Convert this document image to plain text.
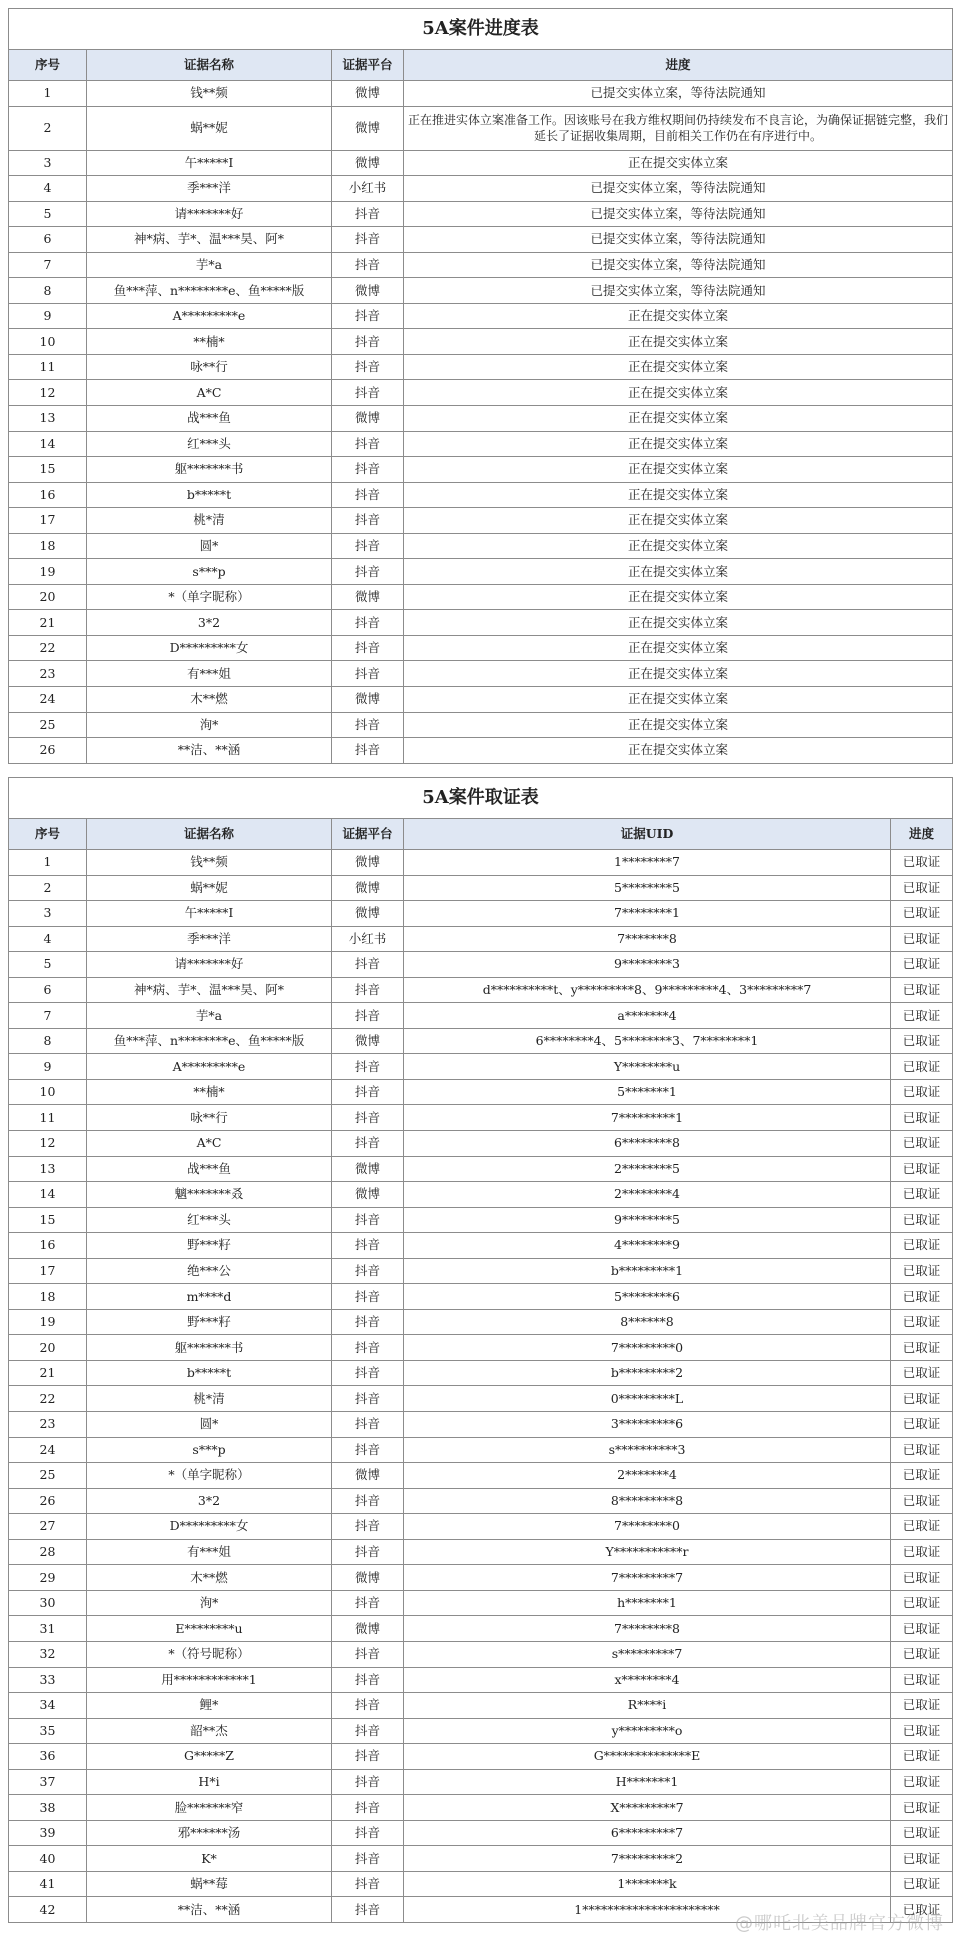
5A案件进度表			
序号	证据名称	证据平台	进度
1	钱**频	微博	已提交实体立案，等待法院通知
2	蜗**妮	微博	正在推进实体立案准备工作。因该账号在我方维权期间仍持续发布不良言论，为确保证据链完整，我们延长了证据收集周期，目前相关工作仍在有序进行中。
3	午*****I	微博	正在提交实体立案
4	季***洋	小红书	已提交实体立案，等待法院通知
5	请*******好	抖音	已提交实体立案，等待法院通知
6	神*病、芋*、温***昊、阿*	抖音	已提交实体立案，等待法院通知
7	芋*a	抖音	已提交实体立案，等待法院通知
8	鱼***萍、n********e、鱼*****版	微博	已提交实体立案，等待法院通知
9	A*********e	抖音	正在提交实体立案
10	**楠*	抖音	正在提交实体立案
11	咏**行	抖音	正在提交实体立案
12	A*C	抖音	正在提交实体立案
13	战***鱼	微博	正在提交实体立案
14	红***头	抖音	正在提交实体立案
15	躯*******书	抖音	正在提交实体立案
16	b*****t	抖音	正在提交实体立案
17	桃*清	抖音	正在提交实体立案
18	圆*	抖音	正在提交实体立案
19	s***p	抖音	正在提交实体立案
20	*（单字昵称）	微博	正在提交实体立案
21	3*2	抖音	正在提交实体立案
22	D*********女	抖音	正在提交实体立案
23	有***姐	抖音	正在提交实体立案
24	木**燃	微博	正在提交实体立案
25	洵*	抖音	正在提交实体立案
26	**洁、**涵	抖音	正在提交实体立案
5A案件取证表				
序号	证据名称	证据平台	证据UID	进度
1	钱**频	微博	1********7	已取证
2	蜗**妮	微博	5********5	已取证
3	午*****I	微博	7********1	已取证
4	季***洋	小红书	7*******8	已取证
5	请*******好	抖音	9********3	已取证
6	神*病、芋*、温***昊、阿*	抖音	d**********t、y*********8、9*********4、3*********7	已取证
7	芋*a	抖音	a*******4	已取证
8	鱼***萍、n********e、鱼*****版	微博	6********4、5********3、7********1	已取证
9	A*********e	抖音	Y********u	已取证
10	**楠*	抖音	5*******1	已取证
11	咏**行	抖音	7*********1	已取证
12	A*C	抖音	6********8	已取证
13	战***鱼	微博	2********5	已取证
14	魑*******叒	微博	2********4	已取证
15	红***头	抖音	9********5	已取证
16	野***籽	抖音	4********9	已取证
17	绝***公	抖音	b*********1	已取证
18	m****d	抖音	5********6	已取证
19	野***籽	抖音	8******8	已取证
20	躯*******书	抖音	7*********0	已取证
21	b*****t	抖音	b*********2	已取证
22	桃*清	抖音	0*********L	已取证
23	圆*	抖音	3*********6	已取证
24	s***p	抖音	s**********3	已取证
25	*（单字昵称）	微博	2*******4	已取证
26	3*2	抖音	8*********8	已取证
27	D*********女	抖音	7********0	已取证
28	有***姐	抖音	Y***********r	已取证
29	木**燃	微博	7*********7	已取证
30	洵*	抖音	h*******1	已取证
31	E********u	微博	7********8	已取证
32	*（符号昵称）	抖音	s*********7	已取证
33	用************1	抖音	x********4	已取证
34	鲤*	抖音	R****i	已取证
35	韶**杰	抖音	y*********o	已取证
36	G*****Z	抖音	G**************E	已取证
37	H*i	抖音	H*******1	已取证
38	脸*******窄	抖音	X*********7	已取证
39	邪******汤	抖音	6*********7	已取证
40	K*	抖音	7*********2	已取证
41	蜗**莓	抖音	1*******k	已取证
42	**洁、**涵	抖音	1**********************	已取证
@哪吒北美品牌官方微博
